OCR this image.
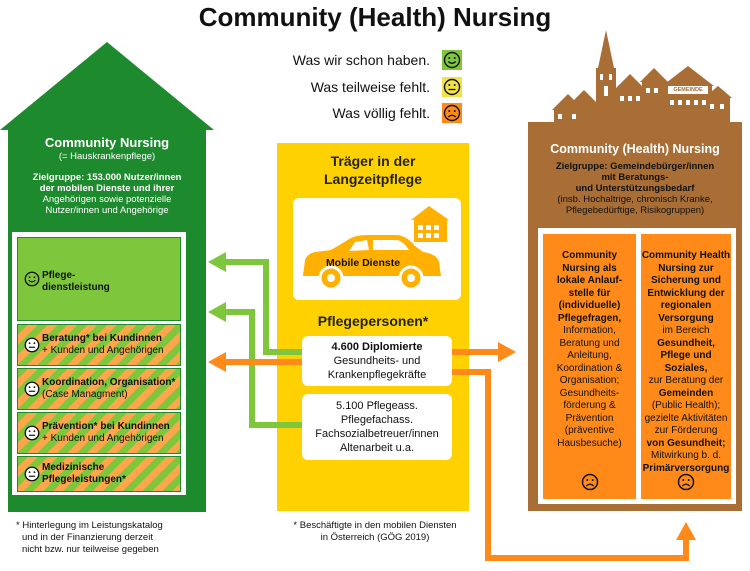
Community (Health) Nursing
Was wir schon haben.
Was teilweise fehlt.
Was völlig fehlt.
Community Nursing
(= Hauskrankenpflege)
Zielgruppe: 153.000 Nutzer/innen
der mobilen Dienste und ihrer
Angehörigen sowie potenzielle
Nutzer/innen und Angehörige
Pflege-
dienstleistung
Beratung* bei Kundinnen
+ Kunden und Angehörigen
Koordination, Organisation*
(Case Managment)
Prävention* bei Kundinnen
+ Kunden und Angehörigen
Medizinische
Pflegeleistungen*
* Hinterlegung im Leistungskatalog
und in der Finanzierung derzeit
nicht bzw. nur teilweise gegeben
Träger in der
Langzeitpflege
Mobile Dienste
Pflegepersonen*
4.600 Diplomierte
Gesundheits- und
Krankenpflegekräfte
5.100 Pflegeass.
Pflegefachass.
Fachsozialbetreuer/innen
Altenarbeit u.a.
* Beschäftigte in den mobilen Diensten
in Österreich (GÖG 2019)
GEMEINDE
Community (Health) Nursing
Zielgruppe: Gemeindebürger/innen
mit Beratungs-
und Unterstützungsbedarf
(insb. Hochaltrige, chronisch Kranke,
Pflegebedürftige, Risikogruppen)
Community
Nursing als
lokale Anlauf-
stelle für
(individuelle)
Pflegefragen,
Information,
Beratung und
Anleitung,
Koordination &
Organisation;
Gesundheits-
förderung &
Prävention
(präventive
Hausbesuche)
Community Health
Nursing zur
Sicherung und
Entwicklung der
regionalen
Versorgung
im Bereich
Gesundheit,
Pflege und
Soziales,
zur Beratung der
Gemeinden
(Public Health);
gezielte Aktivitäten
zur Förderung
von Gesundheit;
Mitwirkung b. d.
Primärversorgung
